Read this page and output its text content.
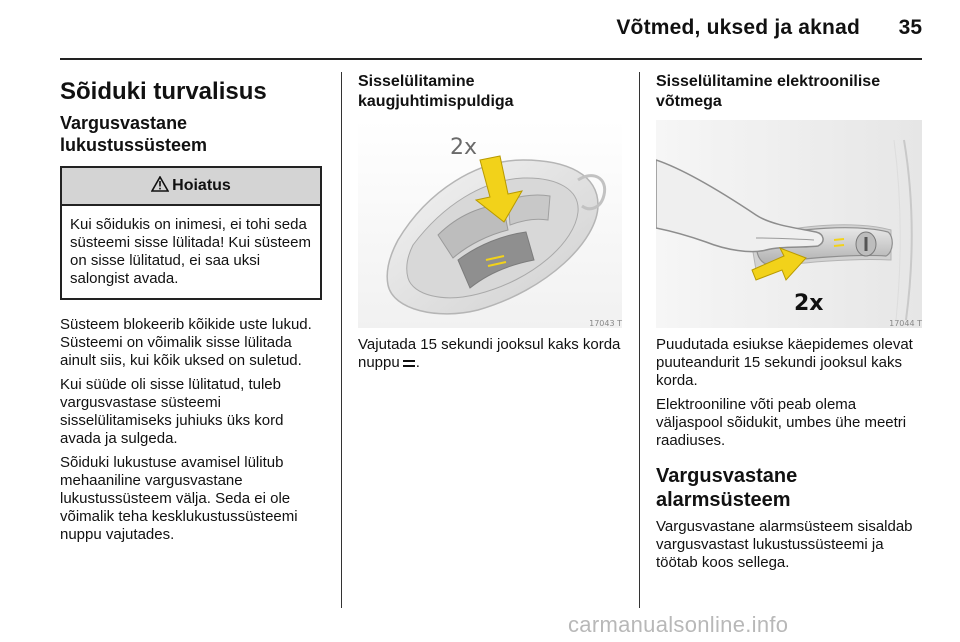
Võtmed, uksed ja aknad	35
Sõiduki turvalisus
Vargusvastane
lukustussüsteem
Hoiatus
Kui sõidukis on inimesi, ei tohi seda süsteemi sisse lülitada! Kui süsteem on sisse lülitatud, ei saa uksi salongist avada.

Süsteem blokeerib kõikide uste lukud. Süsteemi on võimalik sisse lülitada ainult siis, kui kõik uksed on suletud.

Kui süüde oli sisse lülitatud, tuleb vargusvastase süsteemi sisselülitamiseks juhiuks üks kord avada ja sulgeda.

Sõiduki lukustuse avamisel lülitub mehaaniline vargusvastane lukustussüsteem välja. Seda ei ole võimalik teha kesklukustussüsteemi nuppu vajutades.

Sisselülitamine
kaugjuhtimispuldiga
2x
17043 T

Vajutada 15 sekundi jooksul kaks korda nuppu .

Sisselülitamine elektroonilise
võtmega
2x
17044 T

Puudutada esiukse käepidemes olevat puuteandurit 15 sekundi jooksul kaks korda.

Elektrooniline võti peab olema väljaspool sõidukit, umbes ühe meetri raadiuses.

Vargusvastane alarmsüsteem

Vargusvastane alarmsüsteem sisaldab vargusvastast lukustussüsteemi ja töötab koos sellega.

carmanualsonline.info
